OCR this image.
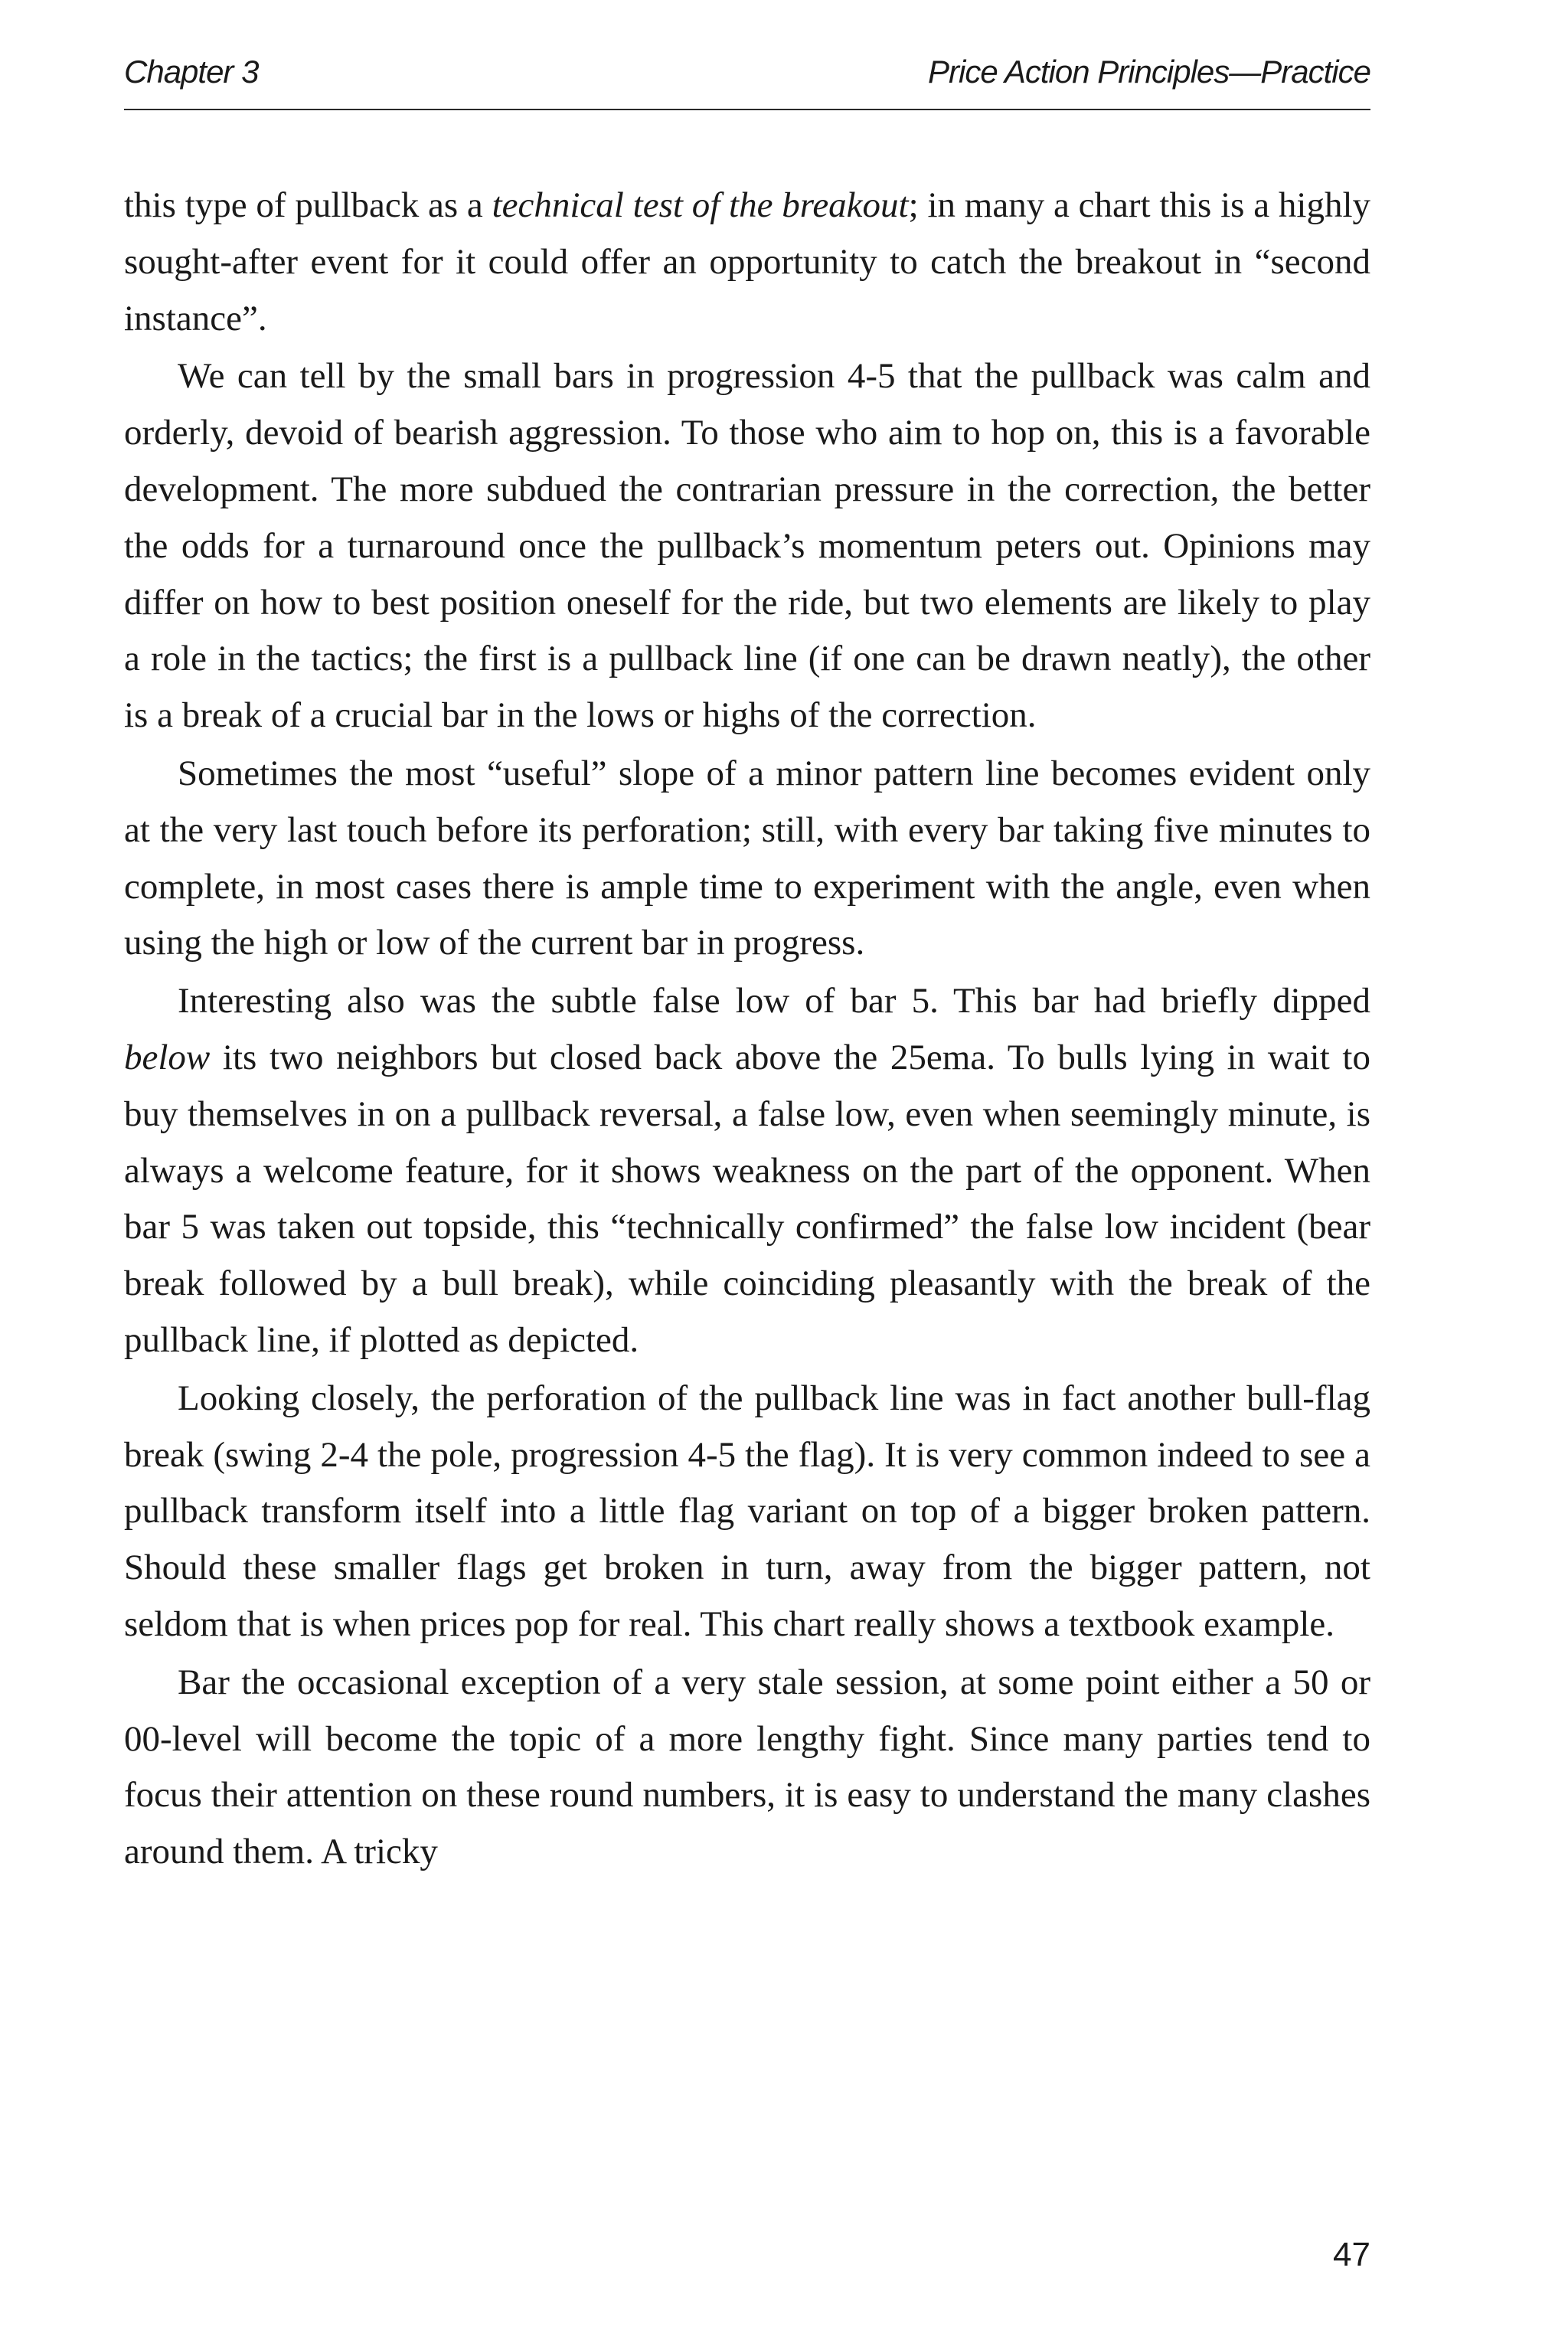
Chapter 3	Price Action Principles—Practice

this type of pullback as a technical test of the breakout; in many a chart this is a highly sought-after event for it could offer an opportunity to catch the breakout in “second instance”.

We can tell by the small bars in progression 4-5 that the pullback was calm and orderly, devoid of bearish aggression. To those who aim to hop on, this is a favorable development. The more subdued the contrarian pressure in the correction, the better the odds for a turnaround once the pullback’s momentum peters out. Opinions may differ on how to best position oneself for the ride, but two elements are likely to play a role in the tactics; the first is a pullback line (if one can be drawn neatly), the other is a break of a crucial bar in the lows or highs of the correction.

Sometimes the most “useful” slope of a minor pattern line becomes evident only at the very last touch before its perforation; still, with every bar taking five minutes to complete, in most cases there is ample time to experiment with the angle, even when using the high or low of the current bar in progress.

Interesting also was the subtle false low of bar 5. This bar had briefly dipped below its two neighbors but closed back above the 25ema. To bulls lying in wait to buy themselves in on a pullback reversal, a false low, even when seemingly minute, is always a welcome feature, for it shows weakness on the part of the opponent. When bar 5 was taken out topside, this “technically confirmed” the false low incident (bear break followed by a bull break), while coinciding pleasantly with the break of the pullback line, if plotted as depicted.

Looking closely, the perforation of the pullback line was in fact another bull-flag break (swing 2-4 the pole, progression 4-5 the flag). It is very common indeed to see a pullback transform itself into a little flag variant on top of a bigger broken pattern. Should these smaller flags get broken in turn, away from the bigger pattern, not seldom that is when prices pop for real. This chart really shows a textbook example.

Bar the occasional exception of a very stale session, at some point either a 50 or 00-level will become the topic of a more lengthy fight. Since many parties tend to focus their attention on these round numbers, it is easy to understand the many clashes around them. A tricky

47
